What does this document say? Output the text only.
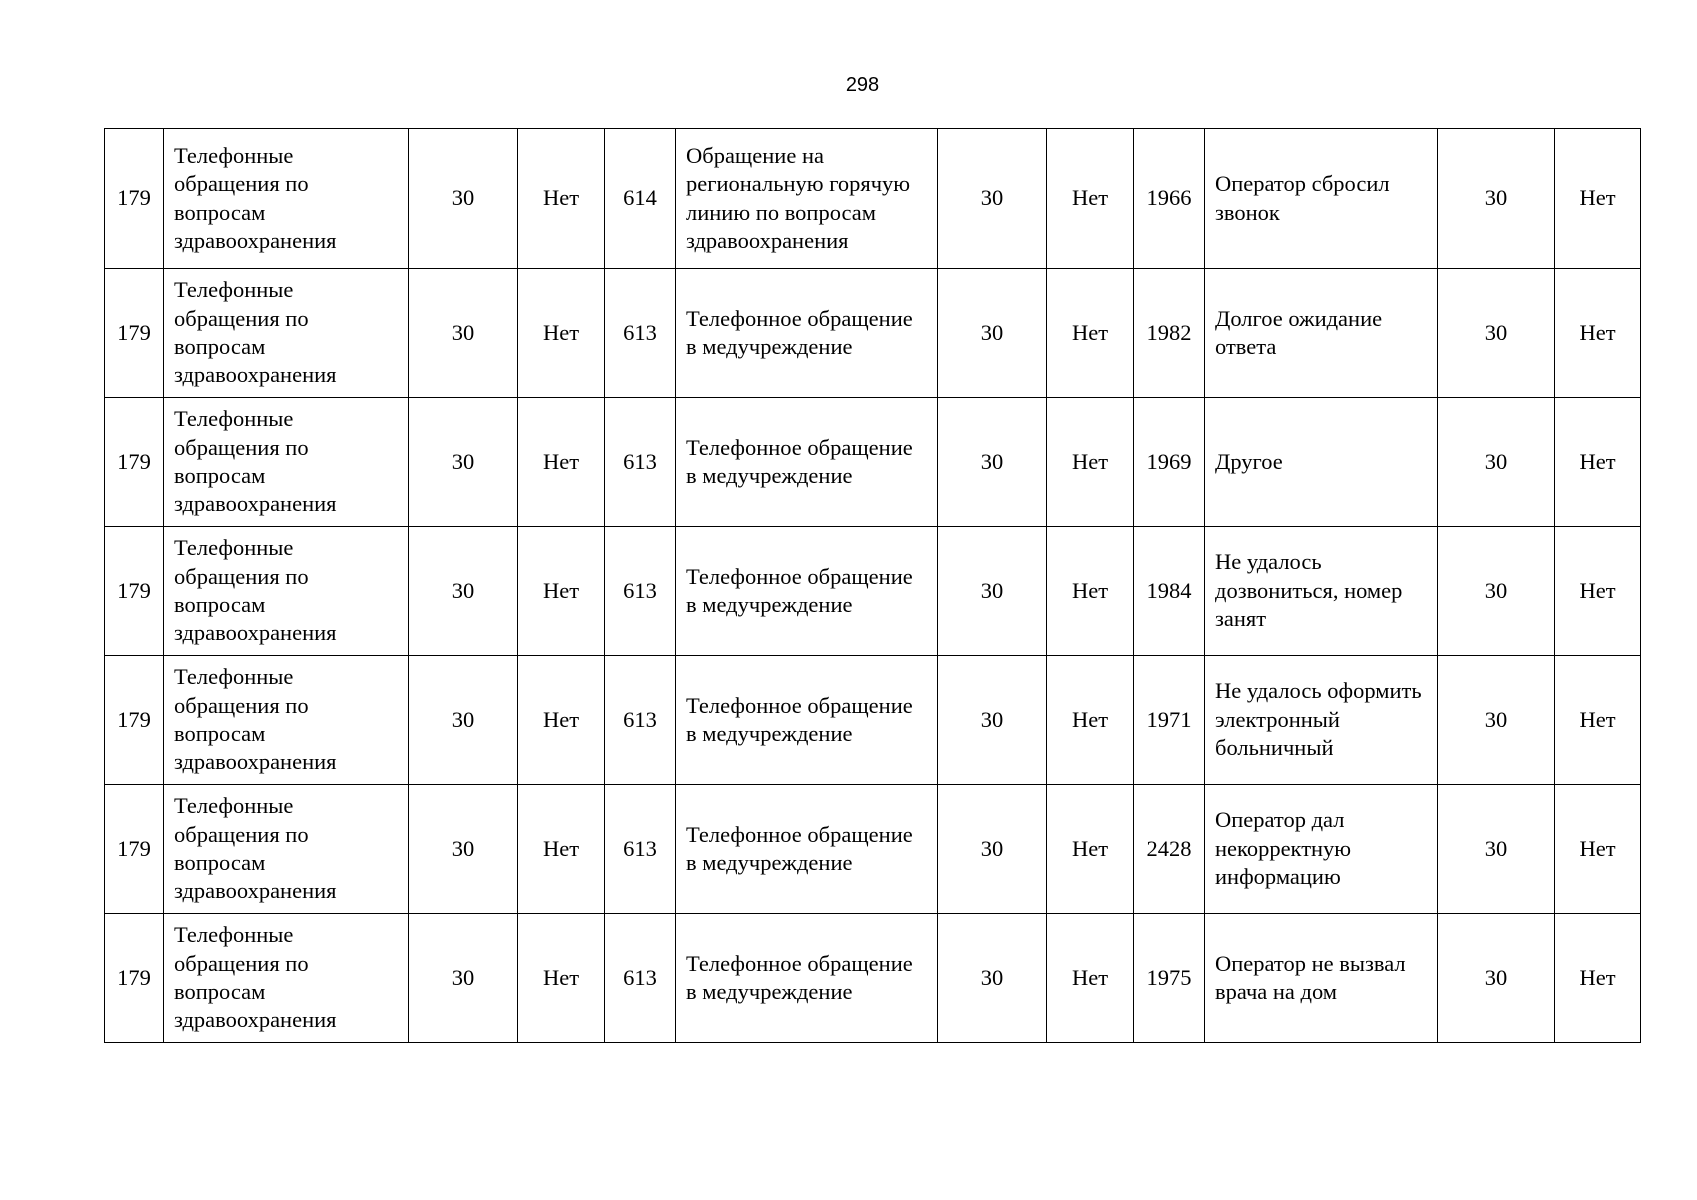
298
179	Телефонные обращения по вопросам здравоохранения	30	Нет	614	Обращение на региональную горячую линию по вопросам здравоохранения	30	Нет	1966	Оператор сбросил звонок	30	Нет
179	Телефонные обращения по вопросам здравоохранения	30	Нет	613	Телефонное обращение в медучреждение	30	Нет	1982	Долгое ожидание ответа	30	Нет
179	Телефонные обращения по вопросам здравоохранения	30	Нет	613	Телефонное обращение в медучреждение	30	Нет	1969	Другое	30	Нет
179	Телефонные обращения по вопросам здравоохранения	30	Нет	613	Телефонное обращение в медучреждение	30	Нет	1984	Не удалось дозвониться, номер занят	30	Нет
179	Телефонные обращения по вопросам здравоохранения	30	Нет	613	Телефонное обращение в медучреждение	30	Нет	1971	Не удалось оформить электронный больничный	30	Нет
179	Телефонные обращения по вопросам здравоохранения	30	Нет	613	Телефонное обращение в медучреждение	30	Нет	2428	Оператор дал некорректную информацию	30	Нет
179	Телефонные обращения по вопросам здравоохранения	30	Нет	613	Телефонное обращение в медучреждение	30	Нет	1975	Оператор не вызвал врача на дом	30	Нет
